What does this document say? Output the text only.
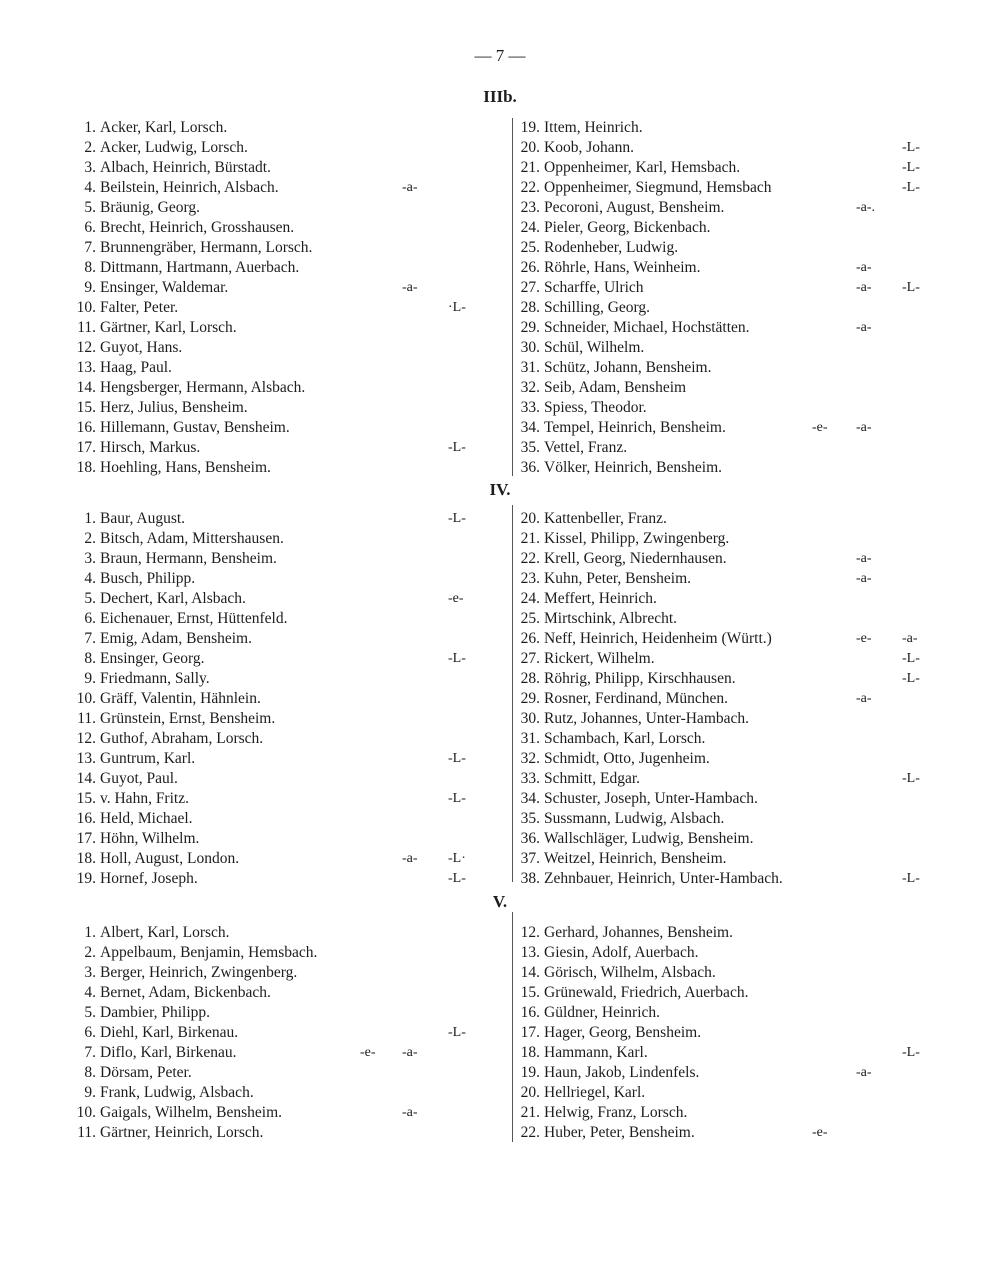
— 7 —
IIIb.
1. Acker, Karl, Lorsch.
2. Acker, Ludwig, Lorsch.
3. Albach, Heinrich, Bürstadt.
4. Beilstein, Heinrich, Alsbach.	-a-
5. Bräunig, Georg.
6. Brecht, Heinrich, Grosshausen.
7. Brunnengräber, Hermann, Lorsch.
8. Dittmann, Hartmann, Auerbach.
9. Ensinger, Waldemar.	-a-
10. Falter, Peter.	·L-
11. Gärtner, Karl, Lorsch.
12. Guyot, Hans.
13. Haag, Paul.
14. Hengsberger, Hermann, Alsbach.
15. Herz, Julius, Bensheim.
16. Hillemann, Gustav, Bensheim.
17. Hirsch, Markus.	-L-
18. Hoehling, Hans, Bensheim.
19. Ittem, Heinrich.
20. Koob, Johann.	-L-
21. Oppenheimer, Karl, Hemsbach.	-L-
22. Oppenheimer, Siegmund, Hemsbach	-L-
23. Pecoroni, August, Bensheim.	-a-.
24. Pieler, Georg, Bickenbach.
25. Rodenheber, Ludwig.
26. Röhrle, Hans, Weinheim.	-a-
27. Scharffe, Ulrich	-a- -L-
28. Schilling, Georg.
29. Schneider, Michael, Hochstätten.	-a-
30. Schül, Wilhelm.
31. Schütz, Johann, Bensheim.
32. Seib, Adam, Bensheim
33. Spiess, Theodor.
34. Tempel, Heinrich, Bensheim.	-e- -a-
35. Vettel, Franz.
36. Völker, Heinrich, Bensheim.
IV.
1. Baur, August.	-L-
2. Bitsch, Adam, Mittershausen.
3. Braun, Hermann, Bensheim.
4. Busch, Philipp.
5. Dechert, Karl, Alsbach.	-e-
6. Eichenauer, Ernst, Hüttenfeld.
7. Emig, Adam, Bensheim.
8. Ensinger, Georg.	-L-
9. Friedmann, Sally.
10. Gräff, Valentin, Hähnlein.
11. Grünstein, Ernst, Bensheim.
12. Guthof, Abraham, Lorsch.
13. Guntrum, Karl.	-L-
14. Guyot, Paul.
15. v. Hahn, Fritz.	-L-
16. Held, Michael.
17. Höhn, Wilhelm.
18. Holl, August, London.	-a- -L·
19. Hornef, Joseph.	-L-
20. Kattenbeller, Franz.
21. Kissel, Philipp, Zwingenberg.
22. Krell, Georg, Niedernhausen.	-a-
23. Kuhn, Peter, Bensheim.	-a-
24. Meffert, Heinrich.
25. Mirtschink, Albrecht.
26. Neff, Heinrich, Heidenheim (Württ.)	-e- -a-
27. Rickert, Wilhelm.	-L-
28. Röhrig, Philipp, Kirschhausen.	-L-
29. Rosner, Ferdinand, München.	-a-
30. Rutz, Johannes, Unter-Hambach.
31. Schambach, Karl, Lorsch.
32. Schmidt, Otto, Jugenheim.
33. Schmitt, Edgar.	-L-
34. Schuster, Joseph, Unter-Hambach.
35. Sussmann, Ludwig, Alsbach.
36. Wallschläger, Ludwig, Bensheim.
37. Weitzel, Heinrich, Bensheim.
38. Zehnbauer, Heinrich, Unter-Hambach.	-L-
V.
1. Albert, Karl, Lorsch.
2. Appelbaum, Benjamin, Hemsbach.
3. Berger, Heinrich, Zwingenberg.
4. Bernet, Adam, Bickenbach.
5. Dambier, Philipp.
6. Diehl, Karl, Birkenau.	-L-
7. Diflo, Karl, Birkenau.	-e- -a-
8. Dörsam, Peter.
9. Frank, Ludwig, Alsbach.
10. Gaigals, Wilhelm, Bensheim.	-a-
11. Gärtner, Heinrich, Lorsch.
12. Gerhard, Johannes, Bensheim.
13. Giesin, Adolf, Auerbach.
14. Görisch, Wilhelm, Alsbach.
15. Grünewald, Friedrich, Auerbach.
16. Güldner, Heinrich.
17. Hager, Georg, Bensheim.
18. Hammann, Karl.	-L-
19. Haun, Jakob, Lindenfels.	-a-
20. Hellriegel, Karl.
21. Helwig, Franz, Lorsch.
22. Huber, Peter, Bensheim.	-e-
